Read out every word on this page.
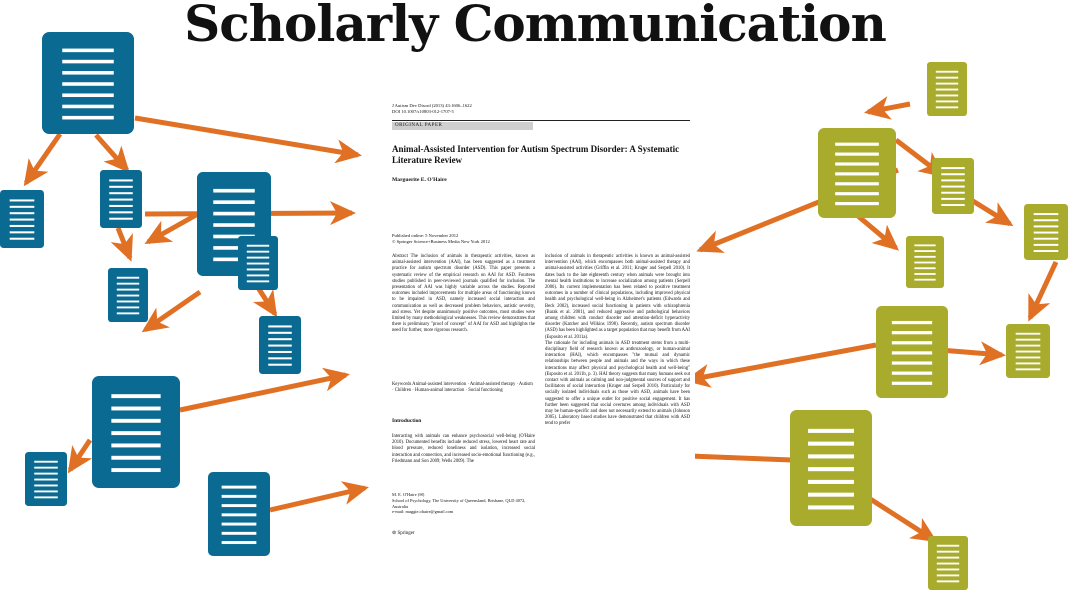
Scholarly Communication
J Autism Dev Disord (2013) 43:1606–1622
DOI 10.1007/s10803-012-1707-5
ORIGINAL PAPER
Animal-Assisted Intervention for Autism Spectrum Disorder: A Systematic Literature Review
Marguerite E. O'Haire
Published online: 5 November 2012
© Springer Science+Business Media New York 2012
Abstract The inclusion of animals in therapeutic activities, known as animal-assisted intervention (AAI), has been suggested as a treatment practice for autism spectrum disorder (ASD). This paper presents a systematic review of the empirical research on AAI for ASD. Fourteen studies published in peer-reviewed journals qualified for inclusion. The presentation of AAI was highly variable across the studies. Reported outcomes included improvements for multiple areas of functioning known to be impaired in ASD, namely increased social interaction and communication as well as decreased problem behaviors, autistic severity, and stress. Yet despite unanimously positive outcomes, most studies were limited by many methodological weaknesses. This review demonstrates that there is preliminary "proof of concept" of AAI for ASD and highlights the need for further, more rigorous research.
Keywords Animal-assisted intervention · Animal-assisted therapy · Autism · Children · Human-animal interaction · Social functioning
Introduction
Interacting with animals can enhance psychosocial well-being (O'Haire 2010). Documented benefits include reduced stress, lowered heart rate and blood pressure, reduced loneliness and isolation, increased social interaction and connection, and increased socio-emotional functioning (e.g., Friedmann and Son 2009; Wells 2009). The
M. E. O'Haire (✉)
School of Psychology, The University of Queensland, Brisbane, QLD 4072, Australia
e-mail: maggie.ohaire@gmail.com
⊚ Springer
inclusion of animals in therapeutic activities is known as animal-assisted intervention (AAI), which encompasses both animal-assisted therapy and animal-assisted activities (Griffin et al. 2011; Kruger and Serpell 2010). It dates back to the late eighteenth century when animals were brought into mental health institutions to increase socialization among patients (Serpell 2006). Its current implementation has been related to positive treatment outcomes in a number of clinical populations, including improved physical health and psychological well-being in Alzheimer's patients (Edwards and Beck 2002), increased social functioning in patients with schizophrenia (Barak et al. 2001), and reduced aggressive and pathological behaviors among children with conduct disorder and attention-deficit hyperactivity disorder (Katcher and Wilkins 1998). Recently, autism spectrum disorder (ASD) has been highlighted as a target population that may benefit from AAI (Esposito et al. 2011a).
The rationale for including animals in ASD treatment stems from a multi-disciplinary field of research known as anthrozoology, or human-animal interaction (HAI), which encompasses "the mutual and dynamic relationships between people and animals and the ways in which these interactions may affect physical and psychological health and well-being" (Esposito et al. 2011b, p. 3). HAI theory suggests that many humans seek out contact with animals as calming and non-judgmental sources of support and facilitators of social interaction (Kruger and Serpell 2010). Particularly for socially isolated individuals such as those with ASD, animals have been suggested to offer a unique outlet for positive social engagement. It has further been suggested that social overtures among individuals with ASD may be human-specific and does not necessarily extend to animals (Johnson 2005). Laboratory based studies have demonstrated that children with ASD tend to prefer
